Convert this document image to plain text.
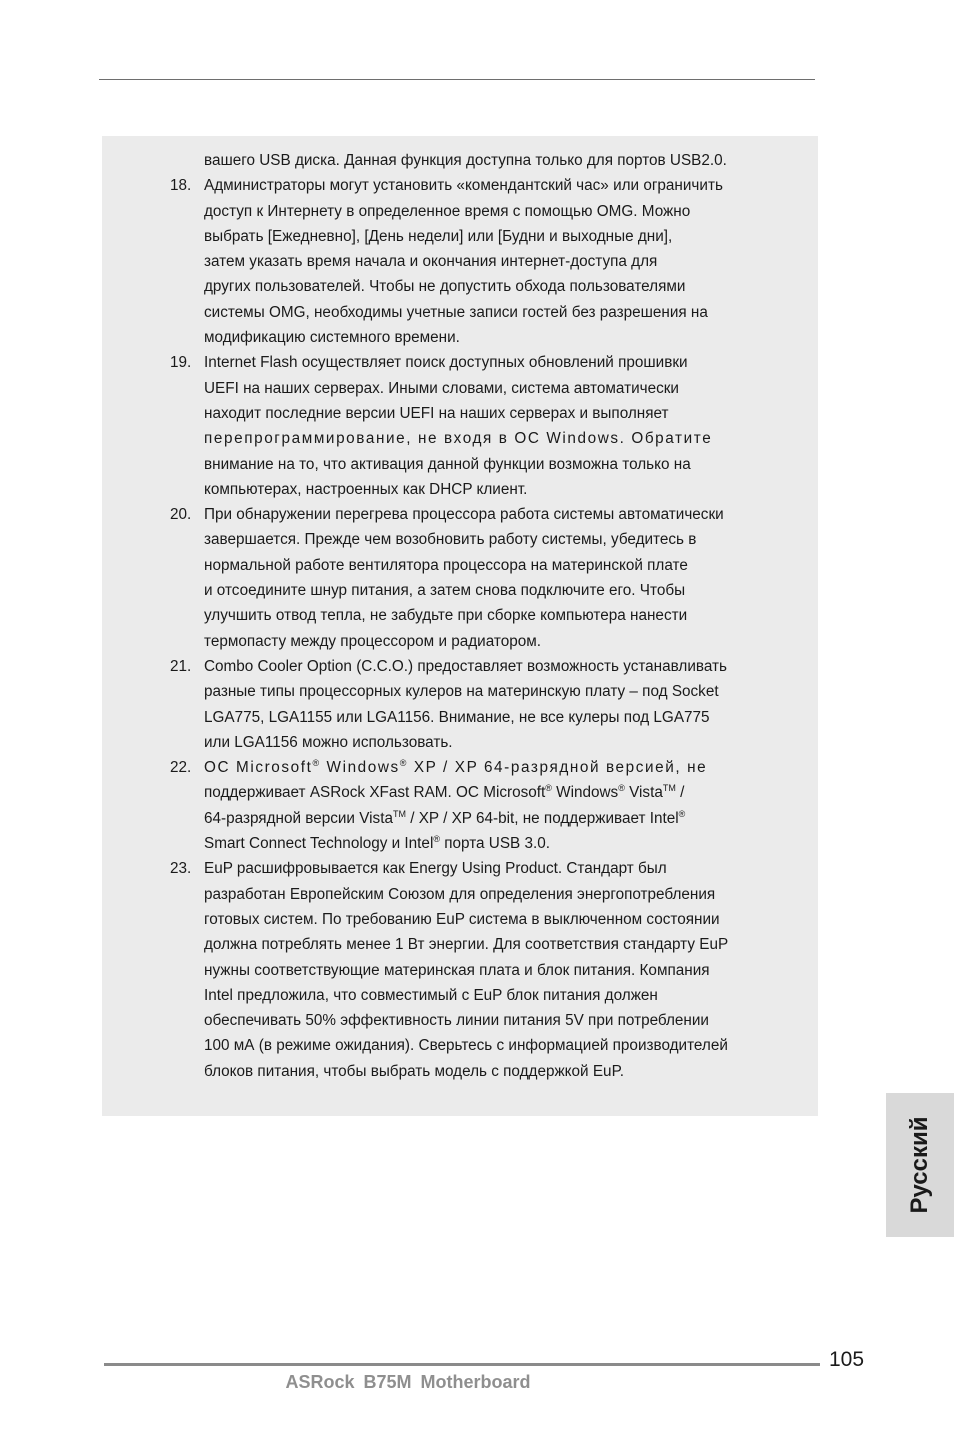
вашего USB диска. Данная функция доступна только для портов USB2.0.

18. Администраторы могут установить «комендантский час» или ограничить
доступ к Интернету в определенное время с помощью OMG. Можно
выбрать [Ежедневно], [День недели] или [Будни и выходные дни],
затем указать время начала и окончания интернет-доступа для
других пользователей. Чтобы не допустить обхода пользователями
системы OMG, необходимы учетные записи гостей без разрешения на
модификацию системного времени.
19. Internet Flash осуществляет поиск доступных обновлений прошивки
UEFI на наших серверах. Иными словами, система автоматически
находит последние версии UEFI на наших серверах и выполняет
перепрограммирование, не входя в ОС Windows. Обратите
внимание на то, что активация данной функции возможна только на
компьютерах, настроенных как DHCP клиент.
20. При обнаружении перегрева процессора работа системы автоматически
завершается. Прежде чем возобновить работу системы, убедитесь в
нормальной работе вентилятора процессора на материнской плате
и отсоедините шнур питания, а затем снова подключите его. Чтобы
улучшить отвод тепла, не забудьте при сборке компьютера нанести
термопасту между процессором и радиатором.
21. Combo Cooler Option (C.C.O.) предоставляет возможность устанавливать
разные типы процессорных кулеров на материнскую плату – под Socket
LGA775, LGA1155 или LGA1156. Внимание, не все кулеры под LGA775
или LGA1156 можно использовать.
22. ОС Microsoft® Windows® XP / XP 64-разрядной версией, не
поддерживает ASRock XFast RAM. ОС Microsoft® Windows® Vista™ /
64-разрядной версии Vista™ / XP / XP 64-bit, не поддерживает Intel®
Smart Connect Technology и Intel® порта USB 3.0.
23. EuP расшифровывается как Energy Using Product. Стандарт был
разработан Европейским Союзом для определения энергопотребления
готовых систем. По требованию EuP система в выключенном состоянии
должна потреблять менее 1 Вт энергии. Для соответствия стандарту EuP
нужны соответствующие материнская плата и блок питания. Компания
Intel предложила, что совместимый с EuP блок питания должен
обеспечивать 50% эффективность линии питания 5V при потреблении
100 мА (в режиме ожидания). Сверьтесь с информацией производителей
блоков питания, чтобы выбрать модель с поддержкой EuP.
Русский
105
ASRock B75M Motherboard
